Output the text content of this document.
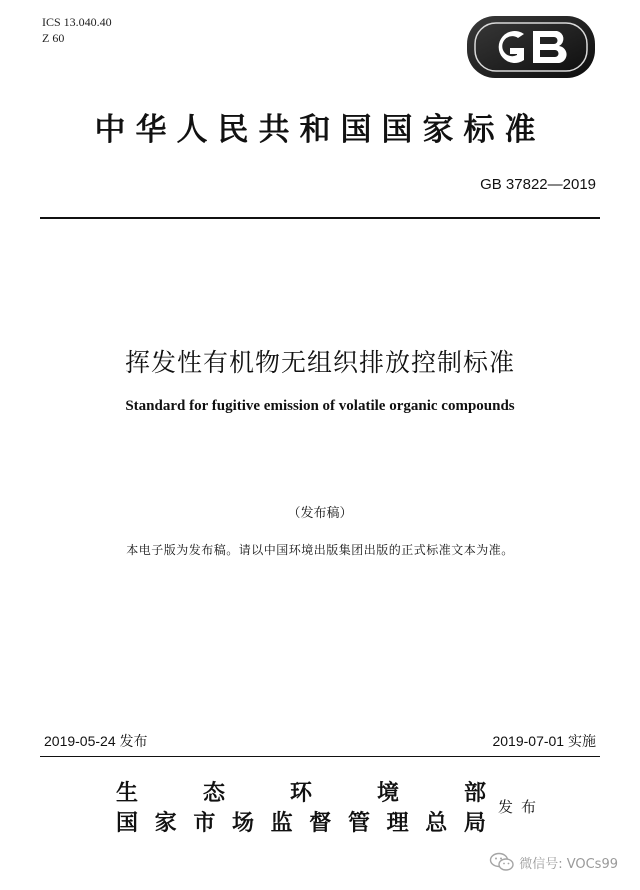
ICS 13.040.40
Z 60
中华人民共和国国家标准
GB 37822—2019
挥发性有机物无组织排放控制标准
Standard for fugitive emission of volatile organic compounds
（发布稿）
本电子版为发布稿。请以中国环境出版集团出版的正式标准文本为准。
2019-05-24 发布	2019-07-01 实施
生	态	环	境	部
国 家 市 场 监 督 管 理 总 局
发布
微信号: VOCs99
